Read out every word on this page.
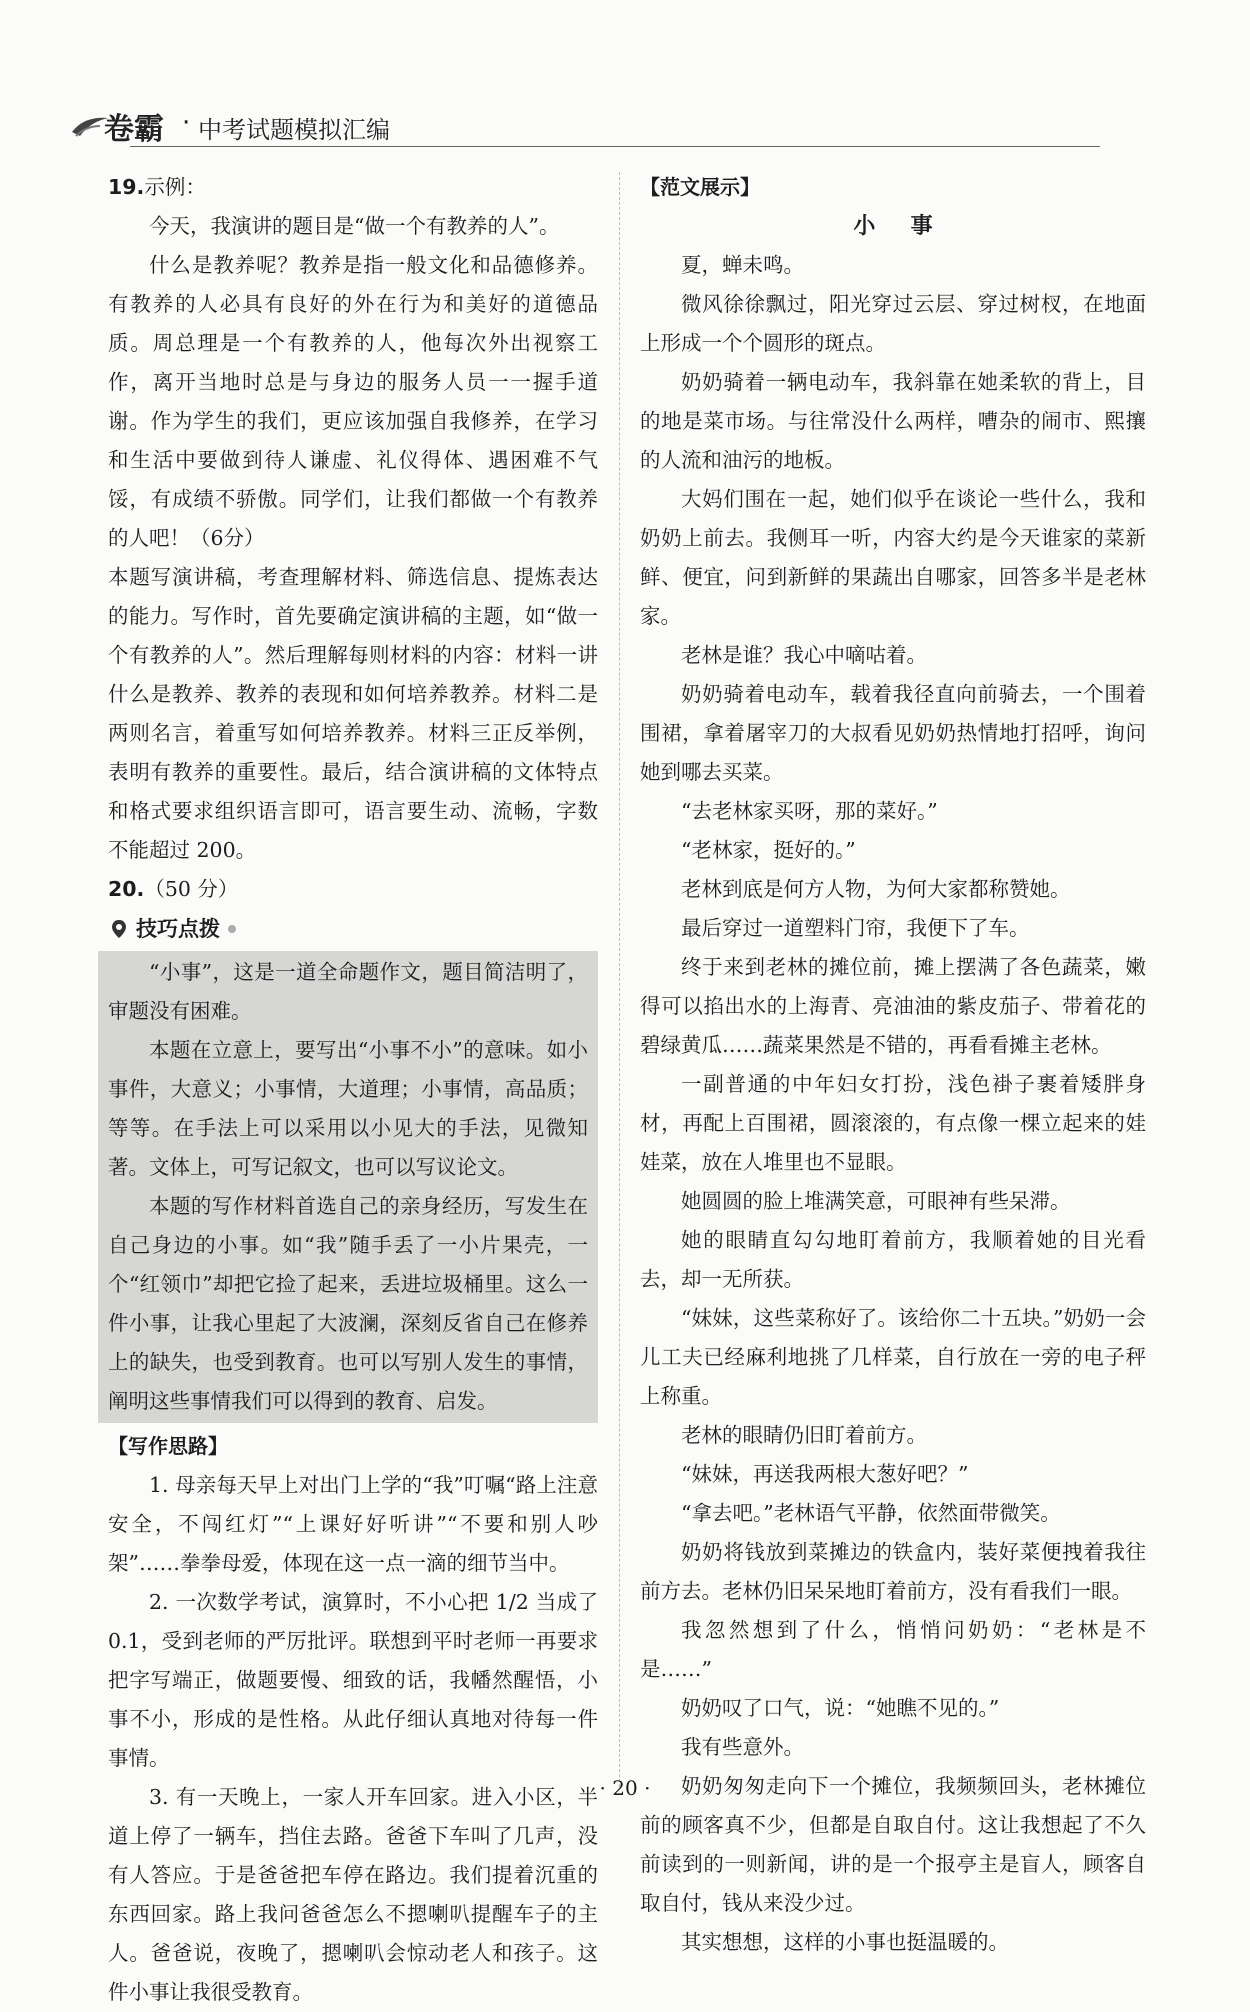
卷霸 · 中考试题模拟汇编

19.示例：

今天，我演讲的题目是“做一个有教养的人”。

什么是教养呢？教养是指一般文化和品德修养。有教养的人必具有良好的外在行为和美好的道德品质。周总理是一个有教养的人，他每次外出视察工作，离开当地时总是与身边的服务人员一一握手道谢。作为学生的我们，更应该加强自我修养，在学习和生活中要做到待人谦虚、礼仪得体、遇困难不气馁，有成绩不骄傲。同学们，让我们都做一个有教养的人吧！（6分）

本题写演讲稿，考查理解材料、筛选信息、提炼表达的能力。写作时，首先要确定演讲稿的主题，如“做一个有教养的人”。然后理解每则材料的内容：材料一讲什么是教养、教养的表现和如何培养教养。材料二是两则名言，着重写如何培养教养。材料三正反举例，表明有教养的重要性。最后，结合演讲稿的文体特点和格式要求组织语言即可，语言要生动、流畅，字数不能超过 200。

20.（50 分）

技巧点拨

“小事”，这是一道全命题作文，题目简洁明了，审题没有困难。

本题在立意上，要写出“小事不小”的意味。如小事件，大意义；小事情，大道理；小事情，高品质；等等。在手法上可以采用以小见大的手法，见微知著。文体上，可写记叙文，也可以写议论文。

本题的写作材料首选自己的亲身经历，写发生在自己身边的小事。如“我”随手丢了一小片果壳，一个“红领巾”却把它捡了起来，丢进垃圾桶里。这么一件小事，让我心里起了大波澜，深刻反省自己在修养上的缺失，也受到教育。也可以写别人发生的事情，阐明这些事情我们可以得到的教育、启发。

【写作思路】

1. 母亲每天早上对出门上学的“我”叮嘱“路上注意安全，不闯红灯”“上课好好听讲”“不要和别人吵架”……拳拳母爱，体现在这一点一滴的细节当中。

2. 一次数学考试，演算时，不小心把 1/2 当成了 0.1，受到老师的严厉批评。联想到平时老师一再要求把字写端正，做题要慢、细致的话，我幡然醒悟，小事不小，形成的是性格。从此仔细认真地对待每一件事情。

3. 有一天晚上，一家人开车回家。进入小区，半道上停了一辆车，挡住去路。爸爸下车叫了几声，没有人答应。于是爸爸把车停在路边。我们提着沉重的东西回家。路上我问爸爸怎么不摁喇叭提醒车子的主人。爸爸说，夜晚了，摁喇叭会惊动老人和孩子。这件小事让我很受教育。

【范文展示】

小事

夏，蝉未鸣。

微风徐徐飘过，阳光穿过云层、穿过树杈，在地面上形成一个个圆形的斑点。

奶奶骑着一辆电动车，我斜靠在她柔软的背上，目的地是菜市场。与往常没什么两样，嘈杂的闹市、熙攘的人流和油污的地板。

大妈们围在一起，她们似乎在谈论一些什么，我和奶奶上前去。我侧耳一听，内容大约是今天谁家的菜新鲜、便宜，问到新鲜的果蔬出自哪家，回答多半是老林家。

老林是谁？我心中嘀咕着。

奶奶骑着电动车，载着我径直向前骑去，一个围着围裙，拿着屠宰刀的大叔看见奶奶热情地打招呼，询问她到哪去买菜。

“去老林家买呀，那的菜好。”

“老林家，挺好的。”

老林到底是何方人物，为何大家都称赞她。

最后穿过一道塑料门帘，我便下了车。

终于来到老林的摊位前，摊上摆满了各色蔬菜，嫩得可以掐出水的上海青、亮油油的紫皮茄子、带着花的碧绿黄瓜……蔬菜果然是不错的，再看看摊主老林。

一副普通的中年妇女打扮，浅色褂子裹着矮胖身材，再配上百围裙，圆滚滚的，有点像一棵立起来的娃娃菜，放在人堆里也不显眼。

她圆圆的脸上堆满笑意，可眼神有些呆滞。

她的眼睛直勾勾地盯着前方，我顺着她的目光看去，却一无所获。

“妹妹，这些菜称好了。该给你二十五块。”奶奶一会儿工夫已经麻利地挑了几样菜，自行放在一旁的电子秤上称重。

老林的眼睛仍旧盯着前方。

“妹妹，再送我两根大葱好吧？”

“拿去吧。”老林语气平静，依然面带微笑。

奶奶将钱放到菜摊边的铁盒内，装好菜便拽着我往前方去。老林仍旧呆呆地盯着前方，没有看我们一眼。

我忽然想到了什么，悄悄问奶奶：“老林是不是……”

奶奶叹了口气，说：“她瞧不见的。”

我有些意外。

奶奶匆匆走向下一个摊位，我频频回头，老林摊位前的顾客真不少，但都是自取自付。这让我想起了不久前读到的一则新闻，讲的是一个报亭主是盲人，顾客自取自付，钱从来没少过。

其实想想，这样的小事也挺温暖的。

· 20 ·
